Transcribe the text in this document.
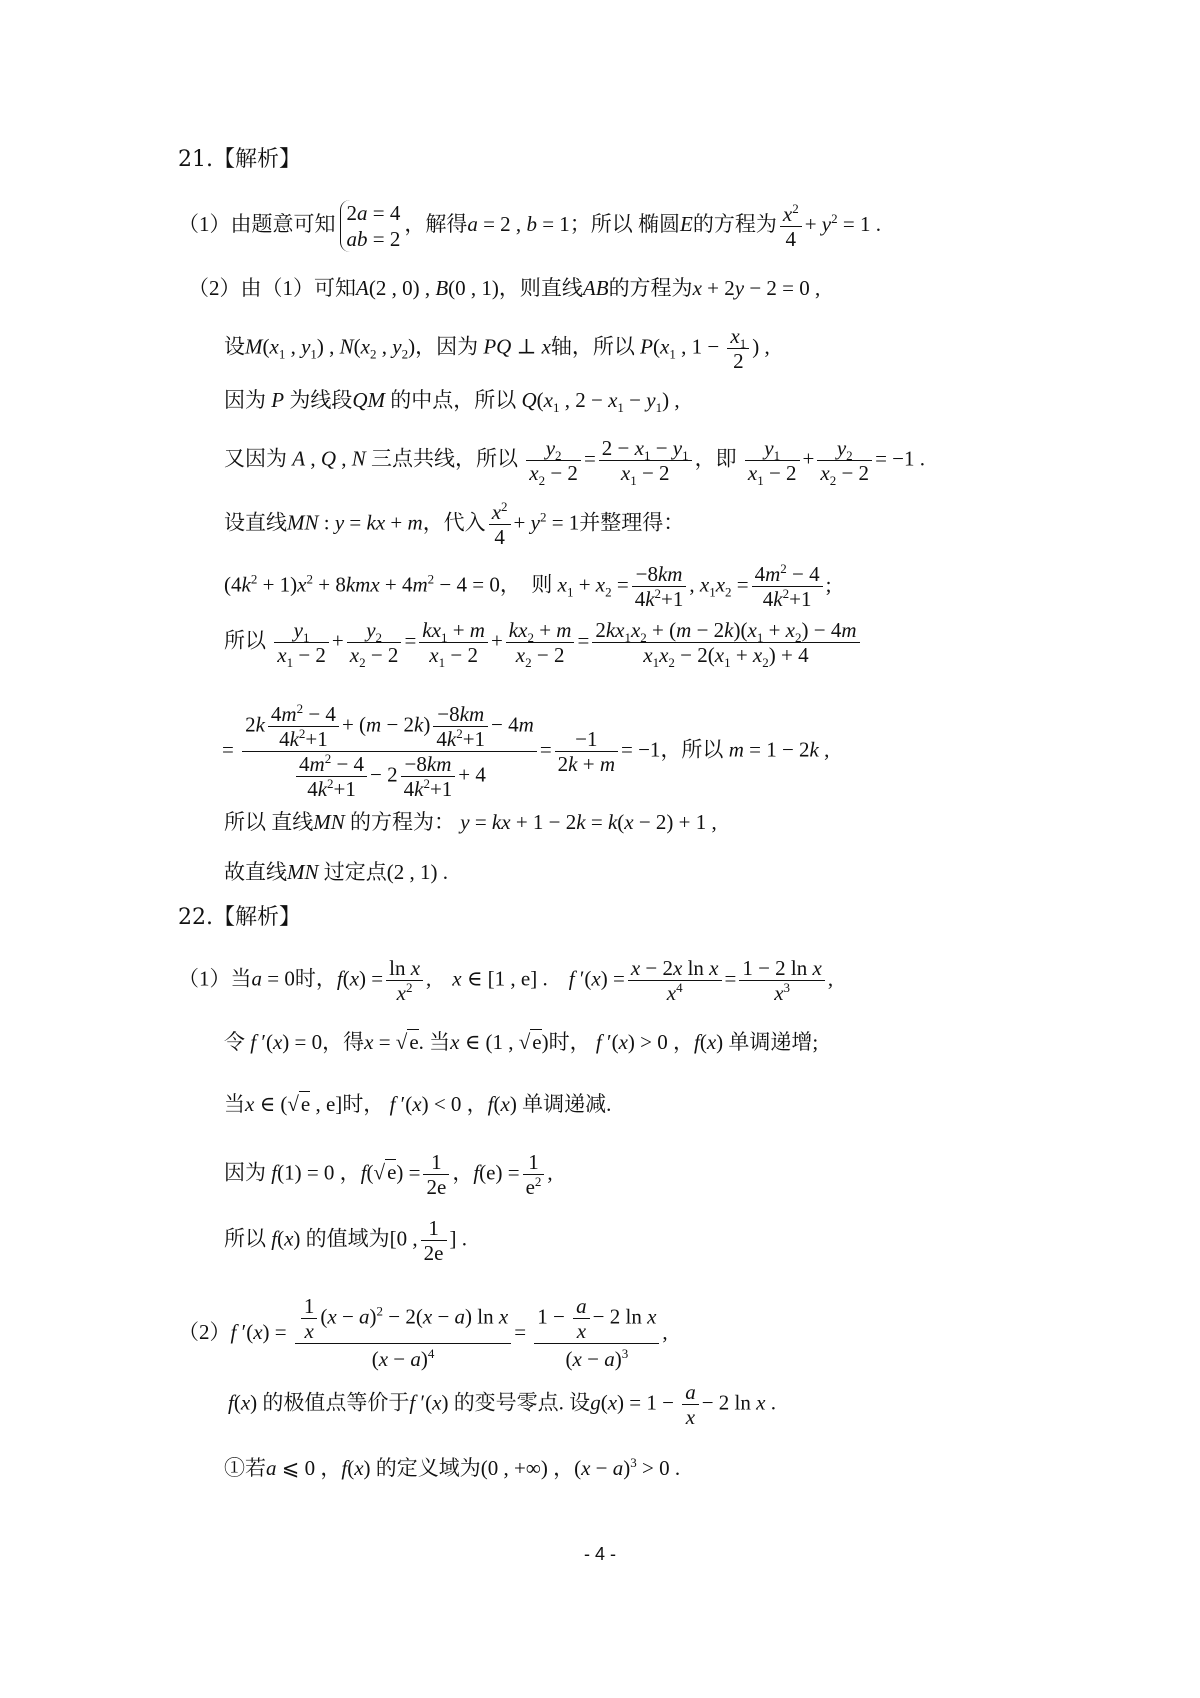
21.【解析】
（1）由题意可知 2a = 4
ab = 2
，解得a = 2 , b = 1；所以 椭圆E的方程为 $\frac{x^2}{4} + y^2 = 1$ .
（2）由（1）可知A(2 , 0) , B(0 , 1)，则直线AB的方程为x + 2y − 2 = 0 ,
设$M(x_1$ , $y_1$) , $N(x_2$ , $y_2$)，因为 PQ ⊥ x轴，所以 $P(x_1$ , $1 - \frac{x_1}{2}$ ) ,
因为 P 为线段QM 的中点，所以 $Q(x_1$ , $2 - x_1 - y_1$) ,
又因为 A , Q , N 三点共线，所以 $\frac{y_2}{x_2 - 2} = \frac{2 - x_1 - y_1}{x_1 - 2}$ ，即 $\frac{y_1}{x_1 - 2} + \frac{y_2}{x_2 - 2} = -1$ .
设直线MN : y = kx + m，代入 $\frac{x^2}{4} + y^2 = 1$并整理得：
$(4k^2 + 1)x^2 + 8kmx + 4m^2 - 4 = 0$，　则 $x_1 + x_2 = \frac{-8km}{4k^2+1}$ , $x_1x_2 = \frac{4m^2 - 4}{4k^2+1}$ ;
所以 $\frac{y_1}{x_1 - 2} + \frac{y_2}{x_2 - 2} = \frac{kx_1 + m}{x_1 - 2} + \frac{kx_2 + m}{x_2 - 2} = \frac{2kx_1x_2 + (m - 2k)(x_1 + x_2) - 4m}{x_1x_2 - 2(x_1 + x_2) + 4}$
= $\frac{2k \frac{4m^2 - 4}{4k^2+1} + (m - 2k) \frac{-8km}{4k^2+1} - 4m}{\frac{4m^2 - 4}{4k^2+1} - 2 \frac{-8km}{4k^2+1} + 4} = \frac{-1}{2k + m} = -1$，所以 m = 1 − 2k ,
所以 直线MN 的方程为： y = kx + 1 − 2k = k(x − 2) + 1 ,
故直线MN 过定点(2 , 1) .
22.【解析】
（1）当a = 0时，$f(x) = \frac{\text{ln x}}{x^2}$ ,　x ∈ [1 , e] .　f $'(x) = \frac{\text{x − 2x ln x}}{x^4} = \frac{\text{1 − 2 ln x}}{x^3}$ ,
令 f ′(x) = 0，得x = √e. 当x ∈ (1 , √e)时， f ′(x) > 0 ，f(x) 单调递增;
当x ∈ (√e , e]时， f ′(x) < 0 ，f(x) 单调递减.
因为 f(1) = 0 ，$f(√e) = \frac{1}{2e}$ ，$f(e) = \frac{1}{e^2}$ ,
所以 f(x) 的值域为[0 , $\frac{1}{2e}$ ] .
（2）f $'(x) = \frac{\frac{1}{x} (x - a)^2 - 2(x - a) \ln x}{(x - a)^4} = \frac{1 - \frac{a}{x} - 2 \ln x}{(x - a)^3}$ ,
f(x) 的极值点等价于f ′(x) 的变号零点. 设$g(x) = 1 - \frac{a}{x} - 2$ ln x .
①若a ⩽ 0 ，f(x) 的定义域为(0 , +∞) ，$(x - a)^3 > 0$ .
- 4 -
